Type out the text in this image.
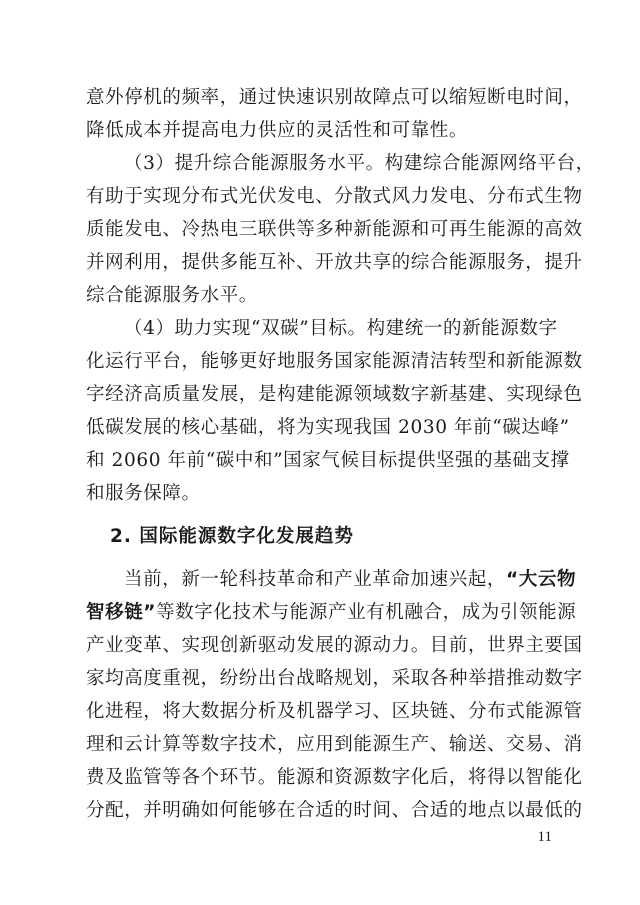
意外停机的频率，通过快速识别故障点可以缩短断电时间，
降低成本并提高电力供应的灵活性和可靠性。
（3）提升综合能源服务水平。构建综合能源网络平台，
有助于实现分布式光伏发电、分散式风力发电、分布式生物
质能发电、冷热电三联供等多种新能源和可再生能源的高效
并网利用，提供多能互补、开放共享的综合能源服务，提升
综合能源服务水平。
（4）助力实现“双碳”目标。构建统一的新能源数字
化运行平台，能够更好地服务国家能源清洁转型和新能源数
字经济高质量发展，是构建能源领域数字新基建、实现绿色
低碳发展的核心基础，将为实现我国 2030 年前“碳达峰”
和 2060 年前“碳中和”国家气候目标提供坚强的基础支撑
和服务保障。
2. 国际能源数字化发展趋势
当前，新一轮科技革命和产业革命加速兴起，“大云物
智移链”等数字化技术与能源产业有机融合，成为引领能源
产业变革、实现创新驱动发展的源动力。目前，世界主要国
家均高度重视，纷纷出台战略规划，采取各种举措推动数字
化进程，将大数据分析及机器学习、区块链、分布式能源管
理和云计算等数字技术，应用到能源生产、输送、交易、消
费及监管等各个环节。能源和资源数字化后，将得以智能化
分配，并明确如何能够在合适的时间、合适的地点以最低的
11
